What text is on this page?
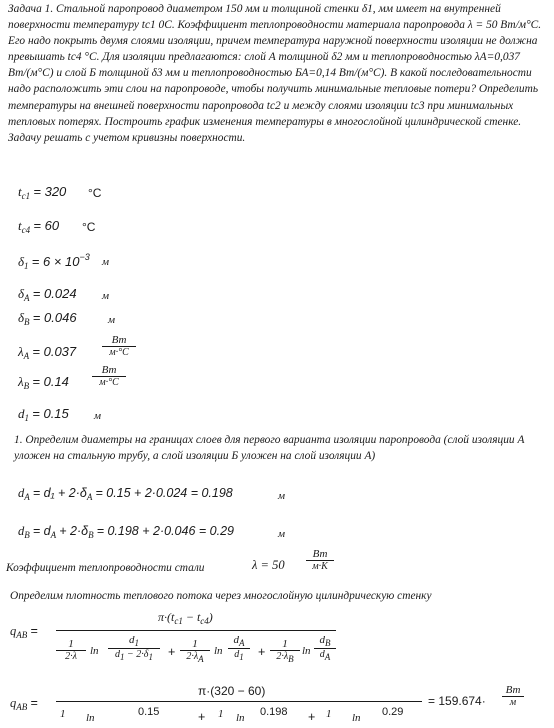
Задача 1. Стальной паропровод диаметром 150 мм и толщиной стенки δ1, мм имеет на внутренней поверхности температуру tc1 0C. Коэффициент теплопроводности материала паропровода λ = 50 Вт/м°С. Его надо покрыть двумя слоями изоляции, причем температура наружной поверхности изоляции не должна превышать tc4 °С. Для изоляции предлагаются: слой А толщиной δ2 мм и теплопроводностью λА=0,037 Вт/(м°С) и слой Б толщиной δ3 мм и теплопроводностью БА=0,14 Вт/(м°С). В какой последовательности надо расположить эти слои на паропроводе, чтобы получить минимальные тепловые потери? Определить температуры на внешней поверхности паропровода tc2 и между слоями изоляции tc3 при минимальных тепловых потерях. Построить график изменения температуры в многослойной цилиндрической стенке. Задачу решать с учетом кривизны поверхности.
$t_{c1} = 320$ °C
$t_{c4} = 60$ °C
$\delta_1 = 6 \times 10^{-3}$ м
$\delta_A = 0.024$ м
$\delta_B = 0.046$	м
$\lambda_A = 0.037$
Вт
м·°C
$\lambda_B = 0.14$
Вт
м·°C
$d_1 = 0.15$ м
1. Определим диаметры на границах слоев для первого варианта изоляции паропровода (слой изоляции А уложен на стальную трубу, а слой изоляции Б уложен на слой изоляции А)
$d_A = d_1 + 2\cdot\delta_A = 0.15 + 2\cdot 0.024 = 0.198$	м
$d_B = d_A + 2\cdot\delta_B = 0.198 + 2\cdot 0.046 = 0.29$	м
Коэффициент теплопроводности стали	λ = 50
Вт
м·K
Определим плотность теплового потока через многослойную цилиндрическую стенку
$q_{AB}$ =
$\pi\cdot(t_{c1} - t_{c4})$
1
2·λ	ln
$d_1$
d1 − 2·δ1	+
1
2·λA
ln
$d_A$
d1	+
1
2·λB
ln
$d_B$
dA
$q_{AB}$ =
π·(320 − 60)
1 ln	0.15	+ 1 ln 0.198 + 1 ln 0.29
= 159.674·
Вт
м
